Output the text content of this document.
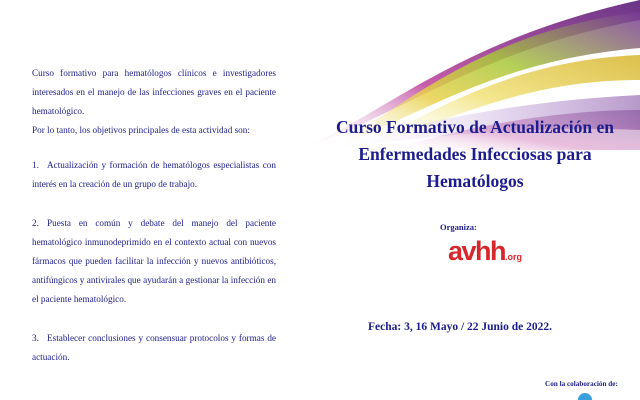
Curso formativo para hematólogos clínicos e investigadores interesados en el manejo de las infecciones graves en el paciente hematológico.

Por lo tanto, los objetivos principales de esta actividad son:

1. Actualización y formación de hematólogos especialistas con interés en la creación de un grupo de trabajo.
2. Puesta en común y debate del manejo del paciente hematológico inmunodeprimido en el contexto actual con nuevos fármacos que pueden facilitar la infección y nuevos antibióticos, antifúngicos y antivirales que ayudarán a gestionar la infección en el paciente hematológico.
3. Establecer conclusiones y consensuar protocolos y formas de actuación.
Curso Formativo de Actualización en Enfermedades Infecciosas para Hematólogos
Organiza:
avhh.org
Fecha: 3, 16 Mayo / 22 Junio de 2022.
Con la colaboración de:
